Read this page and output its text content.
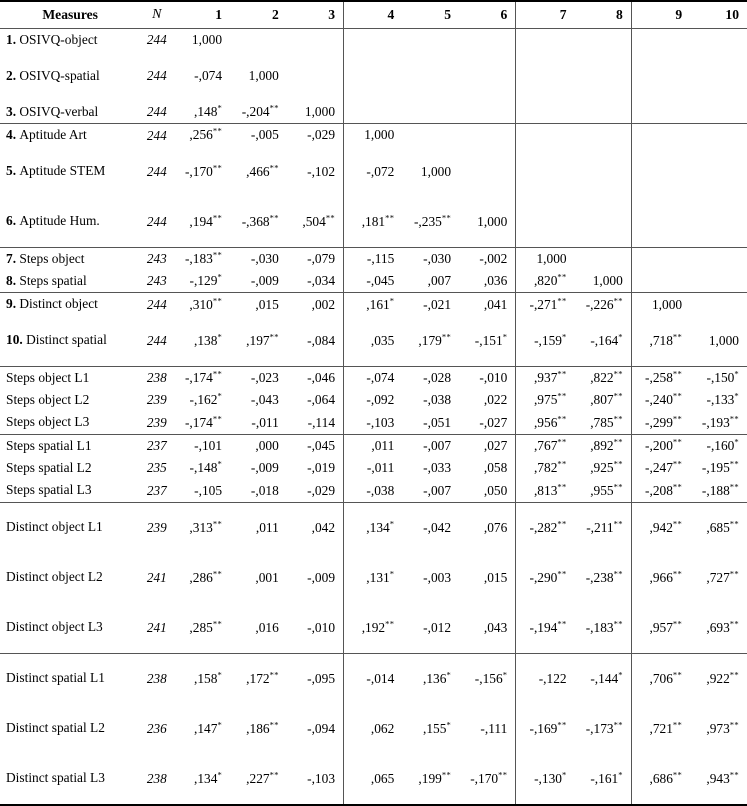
Measures	N	1	2	3	4	5	6	7	8	9	10
1. OSIVQ-object	244	1,000									
2. OSIVQ-spatial	244	-,074	1,000								
3. OSIVQ-verbal	244	,148*	-,204**	1,000							
4. Aptitude Art	244	,256**	-,005	-,029	1,000						
5. Aptitude STEM	244	-,170**	,466**	-,102	-,072	1,000					
6. Aptitude Hum.	244	,194**	-,368**	,504**	,181**	-,235**	1,000				
7. Steps object	243	-,183**	-,030	-,079	-,115	-,030	-,002	1,000			
8. Steps spatial	243	-,129*	-,009	-,034	-,045	,007	,036	,820**	1,000		
9. Distinct object	244	,310**	,015	,002	,161*	-,021	,041	-,271**	-,226**	1,000	
10. Distinct spatial	244	,138*	,197**	-,084	,035	,179**	-,151*	-,159*	-,164*	,718**	1,000
Steps object L1	238	-,174**	-,023	-,046	-,074	-,028	-,010	,937**	,822**	-,258**	-,150*
Steps object L2	239	-,162*	-,043	-,064	-,092	-,038	,022	,975**	,807**	-,240**	-,133*
Steps object L3	239	-,174**	-,011	-,114	-,103	-,051	-,027	,956**	,785**	-,299**	-,193**
Steps spatial L1	237	-,101	,000	-,045	,011	-,007	,027	,767**	,892**	-,200**	-,160*
Steps spatial L2	235	-,148*	-,009	-,019	-,011	-,033	,058	,782**	,925**	-,247**	-,195**
Steps spatial L3	237	-,105	-,018	-,029	-,038	-,007	,050	,813**	,955**	-,208**	-,188**
Distinct object L1	239	,313**	,011	,042	,134*	-,042	,076	-,282**	-,211**	,942**	,685**
Distinct object L2	241	,286**	,001	-,009	,131*	-,003	,015	-,290**	-,238**	,966**	,727**
Distinct object L3	241	,285**	,016	-,010	,192**	-,012	,043	-,194**	-,183**	,957**	,693**
Distinct spatial L1	238	,158*	,172**	-,095	-,014	,136*	-,156*	-,122	-,144*	,706**	,922**
Distinct spatial L2	236	,147*	,186**	-,094	,062	,155*	-,111	-,169**	-,173**	,721**	,973**
Distinct spatial L3	238	,134*	,227**	-,103	,065	,199**	-,170**	-,130*	-,161*	,686**	,943**
